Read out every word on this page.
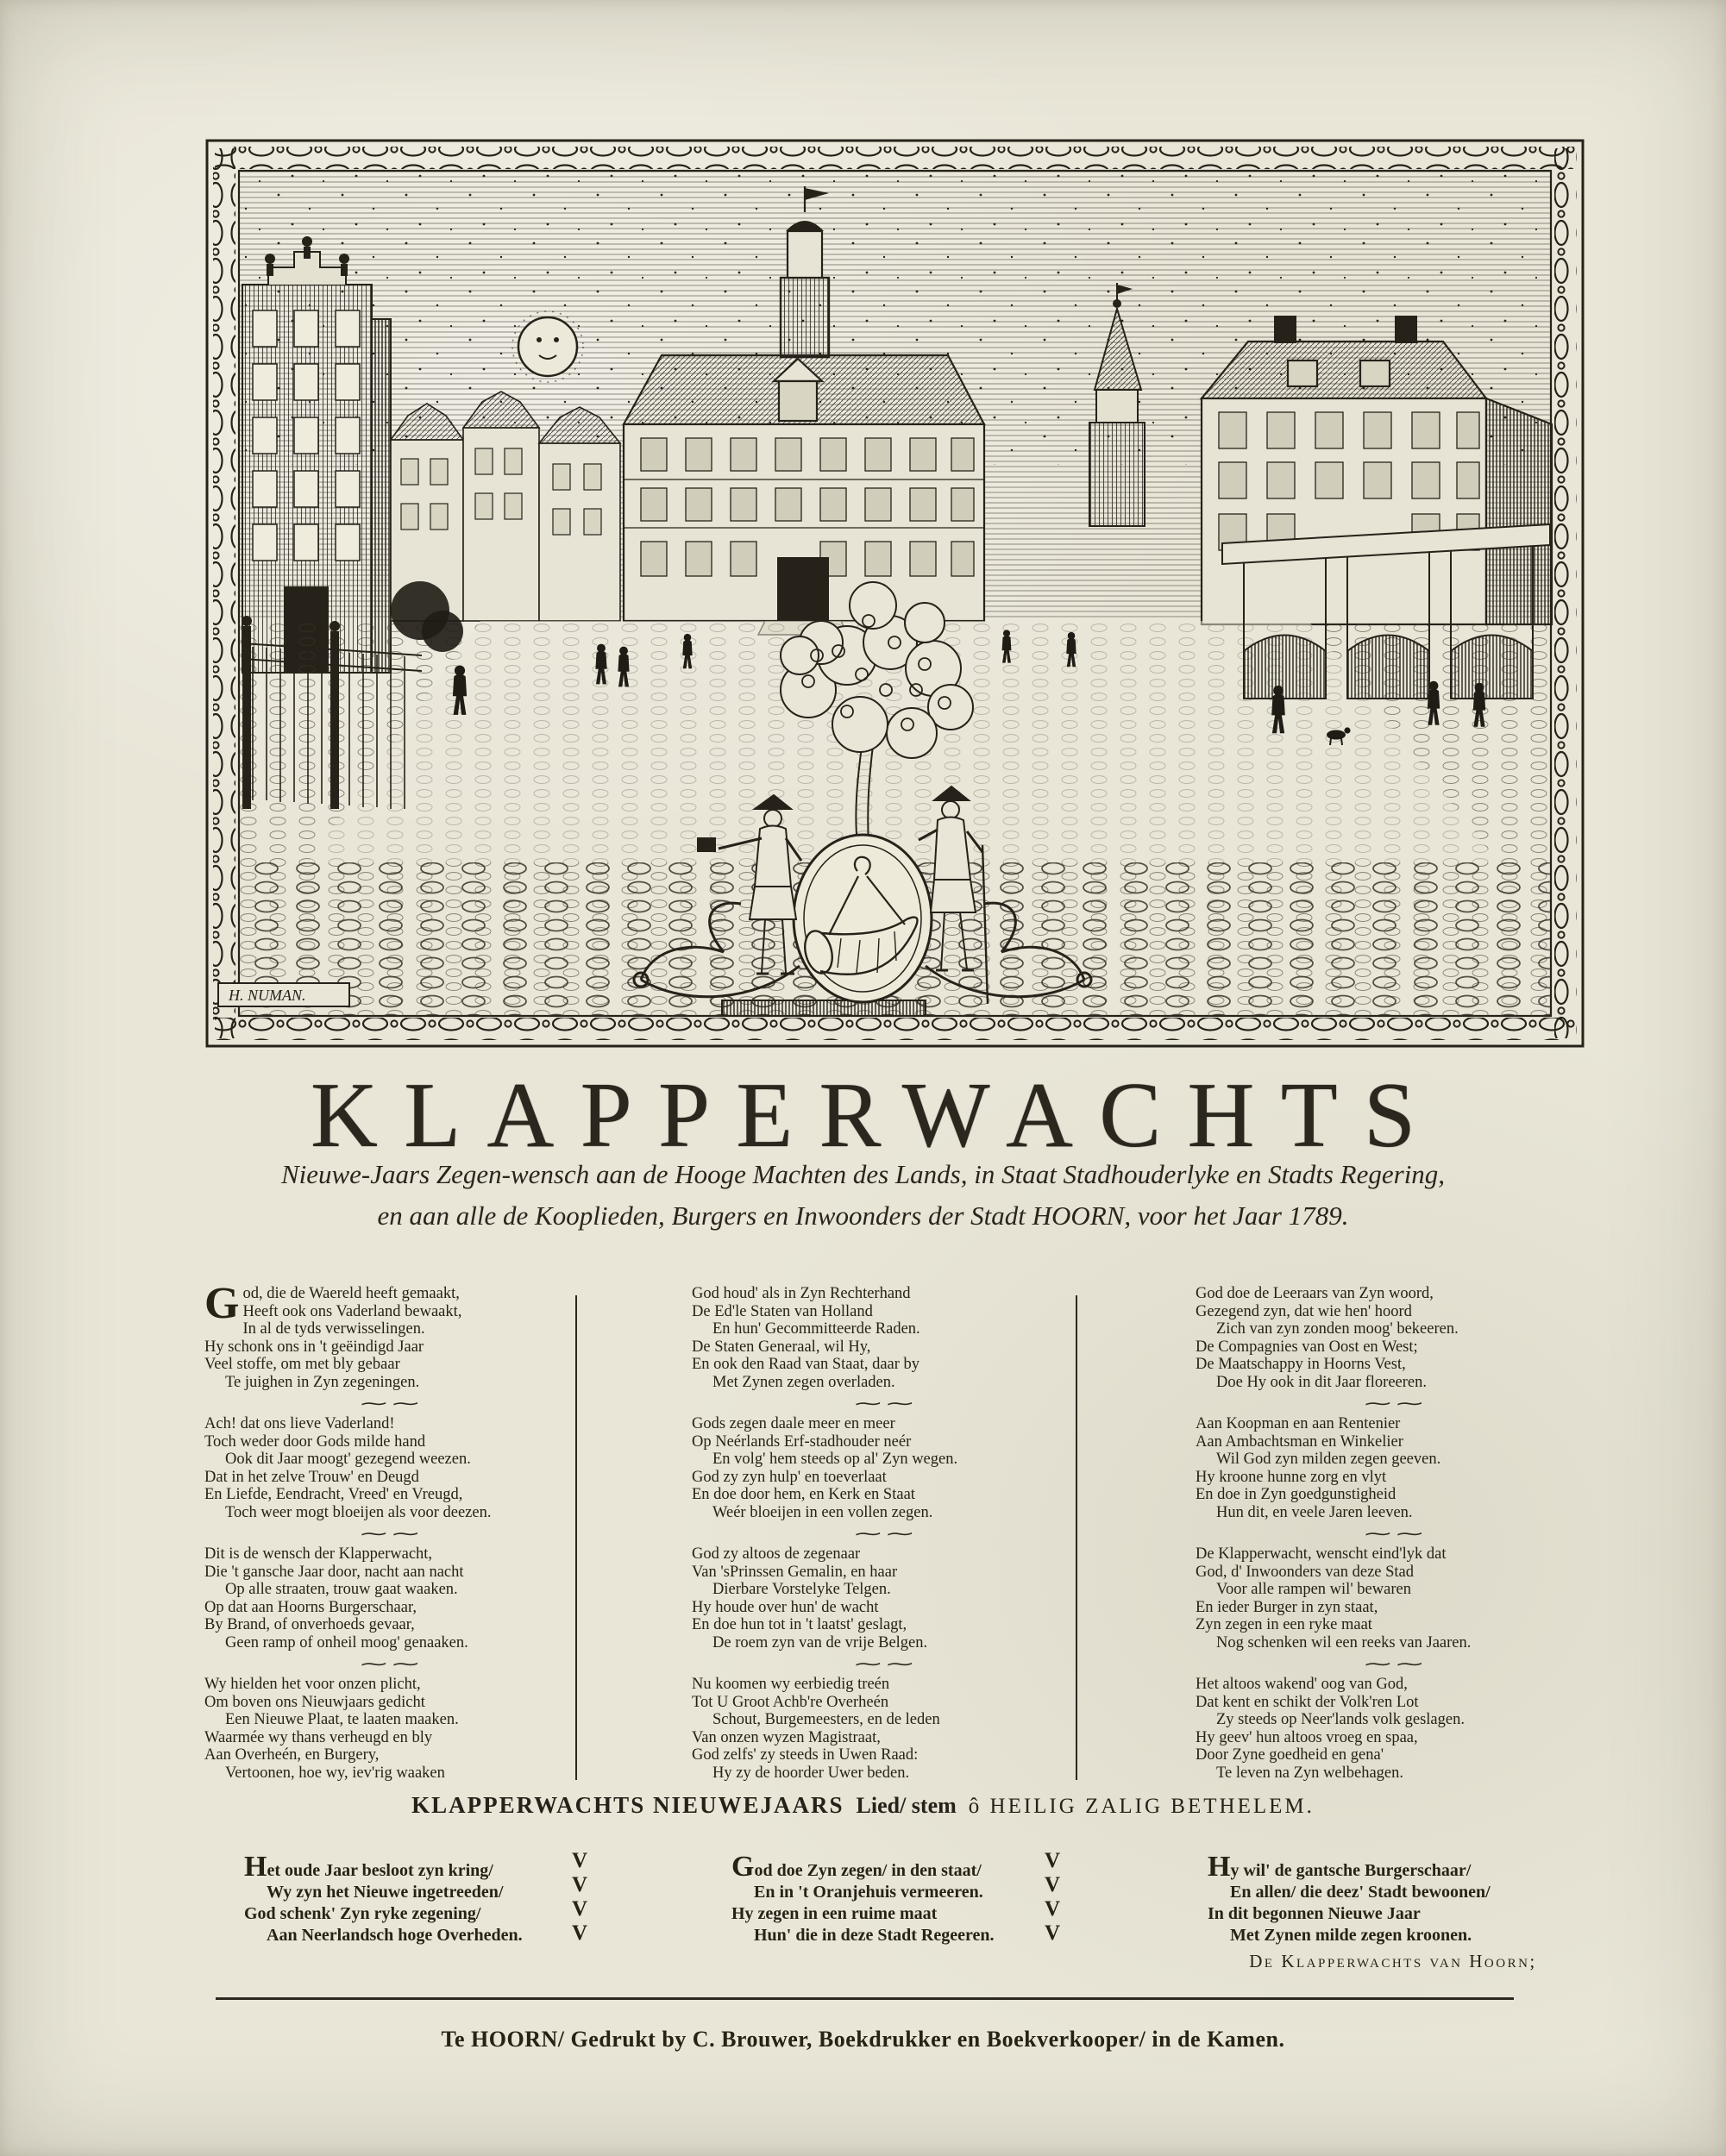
H. NUMAN.
KLAPPERWACHTS
Nieuwe-Jaars Zegen-wensch aan de Hooge Machten des Lands, in Staat Stadhouderlyke en Stadts Regering,
en aan alle de Kooplieden, Burgers en Inwoonders der Stadt HOORN, voor het Jaar 1789.
God, die de Waereld heeft gemaakt,
Heeft ook ons Vaderland bewaakt,
In al de tyds verwisselingen.
Hy schonk ons in 't geëindigd Jaar
Veel stoffe, om met bly gebaar
Te juighen in Zyn zegeningen.
∼∼
Ach! dat ons lieve Vaderland!
Toch weder door Gods milde hand
Ook dit Jaar moogt' gezegend weezen.
Dat in het zelve Trouw' en Deugd
En Liefde, Eendracht, Vreed' en Vreugd,
Toch weer mogt bloeijen als voor deezen.
∼∼
Dit is de wensch der Klapperwacht,
Die 't gansche Jaar door, nacht aan nacht
Op alle straaten, trouw gaat waaken.
Op dat aan Hoorns Burgerschaar,
By Brand, of onverhoeds gevaar,
Geen ramp of onheil moog' genaaken.
∼∼
Wy hielden het voor onzen plicht,
Om boven ons Nieuwjaars gedicht
Een Nieuwe Plaat, te laaten maaken.
Waarmée wy thans verheugd en bly
Aan Overheén, en Burgery,
Vertoonen, hoe wy, iev'rig waaken
God houd' als in Zyn Rechterhand
De Ed'le Staten van Holland
En hun' Gecommitteerde Raden.
De Staten Generaal, wil Hy,
En ook den Raad van Staat, daar by
Met Zynen zegen overladen.
∼∼
Gods zegen daale meer en meer
Op Neérlands Erf-stadhouder neér
En volg' hem steeds op al' Zyn wegen.
God zy zyn hulp' en toeverlaat
En doe door hem, en Kerk en Staat
Weér bloeijen in een vollen zegen.
∼∼
God zy altoos de zegenaar
Van 'sPrinssen Gemalin, en haar
Dierbare Vorstelyke Telgen.
Hy houde over hun' de wacht
En doe hun tot in 't laatst' geslagt,
De roem zyn van de vrije Belgen.
∼∼
Nu koomen wy eerbiedig treén
Tot U Groot Achb're Overheén
Schout, Burgemeesters, en de leden
Van onzen wyzen Magistraat,
God zelfs' zy steeds in Uwen Raad:
Hy zy de hoorder Uwer beden.
God doe de Leeraars van Zyn woord,
Gezegend zyn, dat wie hen' hoord
Zich van zyn zonden moog' bekeeren.
De Compagnies van Oost en West;
De Maatschappy in Hoorns Vest,
Doe Hy ook in dit Jaar floreeren.
∼∼
Aan Koopman en aan Rentenier
Aan Ambachtsman en Winkelier
Wil God zyn milden zegen geeven.
Hy kroone hunne zorg en vlyt
En doe in Zyn goedgunstigheid
Hun dit, en veele Jaren leeven.
∼∼
De Klapperwacht, wenscht eind'lyk dat
God, d' Inwoonders van deze Stad
Voor alle rampen wil' bewaren
En ieder Burger in zyn staat,
Zyn zegen in een ryke maat
Nog schenken wil een reeks van Jaaren.
∼∼
Het altoos wakend' oog van God,
Dat kent en schikt der Volk'ren Lot
Zy steeds op Neer'lands volk geslagen.
Hy geev' hun altoos vroeg en spaa,
Door Zyne goedheid en gena'
Te leven na Zyn welbehagen.
KLAPPERWACHTS NIEUWEJAARS Lied/ stem ô HEILIG ZALIG BETHELEM.
Het oude Jaar besloot zyn kring/
Wy zyn het Nieuwe ingetreeden/
God schenk' Zyn ryke zegening/
Aan Neerlandsch hoge Overheden.
God doe Zyn zegen/ in den staat/
En in 't Oranjehuis vermeeren.
Hy zegen in een ruime maat
Hun' die in deze Stadt Regeeren.
Hy wil' de gantsche Burgerschaar/
En allen/ die deez' Stadt bewoonen/
In dit begonnen Nieuwe Jaar
Met Zynen milde zegen kroonen.
V
V
V
V
V
V
V
V
De Klapperwachts van Hoorn;
Te HOORN/ Gedrukt by C. Brouwer, Boekdrukker en Boekverkooper/ in de Kamen.
